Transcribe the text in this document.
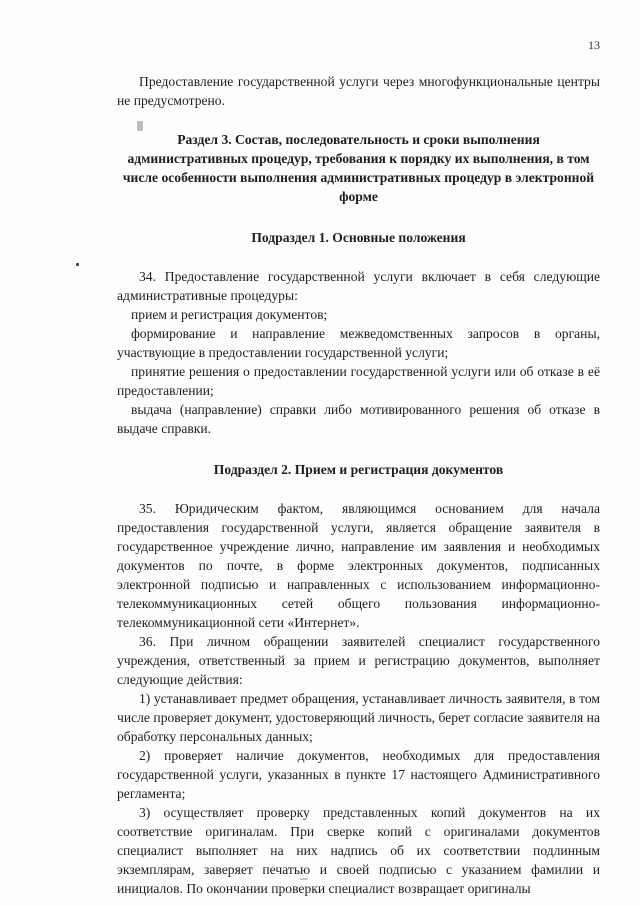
13

Предоставление государственной услуги через многофункциональные центры не предусмотрено.

Раздел 3. Состав, последовательность и сроки выполнения административных процедур, требования к порядку их выполнения, в том числе особенности выполнения административных процедур в электронной форме
Подраздел 1. Основные положения

34. Предоставление государственной услуги включает в себя следующие административные процедуры:

прием и регистрация документов;

формирование и направление межведомственных запросов в органы, участвующие в предоставлении государственной услуги;

принятие решения о предоставлении государственной услуги или об отказе в её предоставлении;

выдача (направление) справки либо мотивированного решения об отказе в выдаче справки.

Подраздел 2. Прием и регистрация документов

35. Юридическим фактом, являющимся основанием для начала предоставления государственной услуги, является обращение заявителя в государственное учреждение лично, направление им заявления и необходимых документов по почте, в форме электронных документов, подписанных электронной подписью и направленных с использованием информационно-телекоммуникационных сетей общего пользования информационно-телекоммуникационной сети «Интернет».

36. При личном обращении заявителей специалист государственного учреждения, ответственный за прием и регистрацию документов, выполняет следующие действия:

1) устанавливает предмет обращения, устанавливает личность заявителя, в том числе проверяет документ, удостоверяющий личность, берет согласие заявителя на обработку персональных данных;

2) проверяет наличие документов, необходимых для предоставления государственной услуги, указанных в пункте 17 настоящего Административного регламента;

3) осуществляет проверку представленных копий документов на их соответствие оригиналам. При сверке копий с оригиналами документов специалист выполняет на них надпись об их соответствии подлинным экземплярам, заверяет печатью и своей подписью с указанием фамилии и инициалов. По окончании проверки специалист возвращает оригиналы
